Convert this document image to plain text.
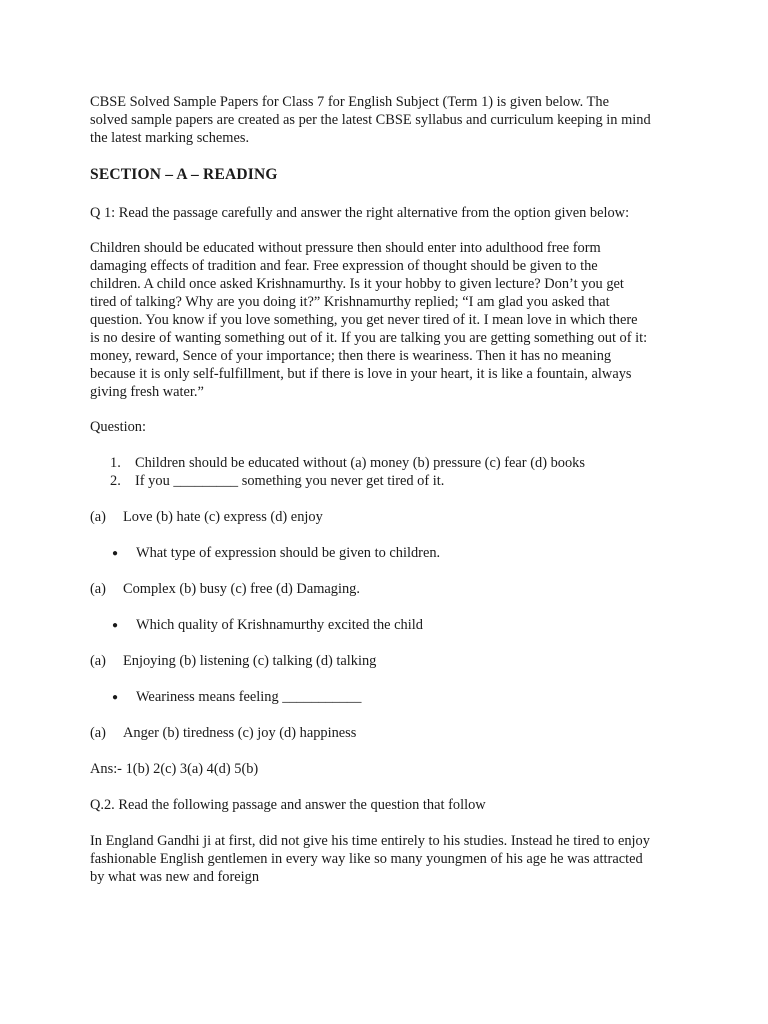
CBSE Solved Sample Papers for Class 7 for English Subject (Term 1) is given below. The
solved sample papers are created as per the latest CBSE syllabus and curriculum keeping in mind
the latest marking schemes.
SECTION – A – READING
Q 1: Read the passage carefully and answer the right alternative from the option given below:
Children should be educated without pressure then should enter into adulthood free form
damaging effects of tradition and fear. Free expression of thought should be given to the
children. A child once asked Krishnamurthy. Is it your hobby to given lecture? Don’t you get
tired of talking? Why are you doing it?” Krishnamurthy replied; “I am glad you asked that
question. You know if you love something, you get never tired of it. I mean love in which there
is no desire of wanting something out of it. If you are talking you are getting something out of it:
money, reward, Sence of your importance; then there is weariness. Then it has no meaning
because it is only self-fulfillment, but if there is love in your heart, it is like a fountain, always
giving fresh water.”
Question:
1. Children should be educated without (a) money (b) pressure (c) fear (d) books
2. If you _________ something you never get tired of it.
(a) Love (b) hate (c) express (d) enjoy
● What type of expression should be given to children.
(a) Complex (b) busy (c) free (d) Damaging.
● Which quality of Krishnamurthy excited the child
(a) Enjoying (b) listening (c) talking (d) talking
● Weariness means feeling ___________
(a) Anger (b) tiredness (c) joy (d) happiness
Ans:- 1(b) 2(c) 3(a) 4(d) 5(b)
Q.2. Read the following passage and answer the question that follow
In England Gandhi ji at first, did not give his time entirely to his studies. Instead he tired to enjoy
fashionable English gentlemen in every way like so many youngmen of his age he was attracted
by what was new and foreign
